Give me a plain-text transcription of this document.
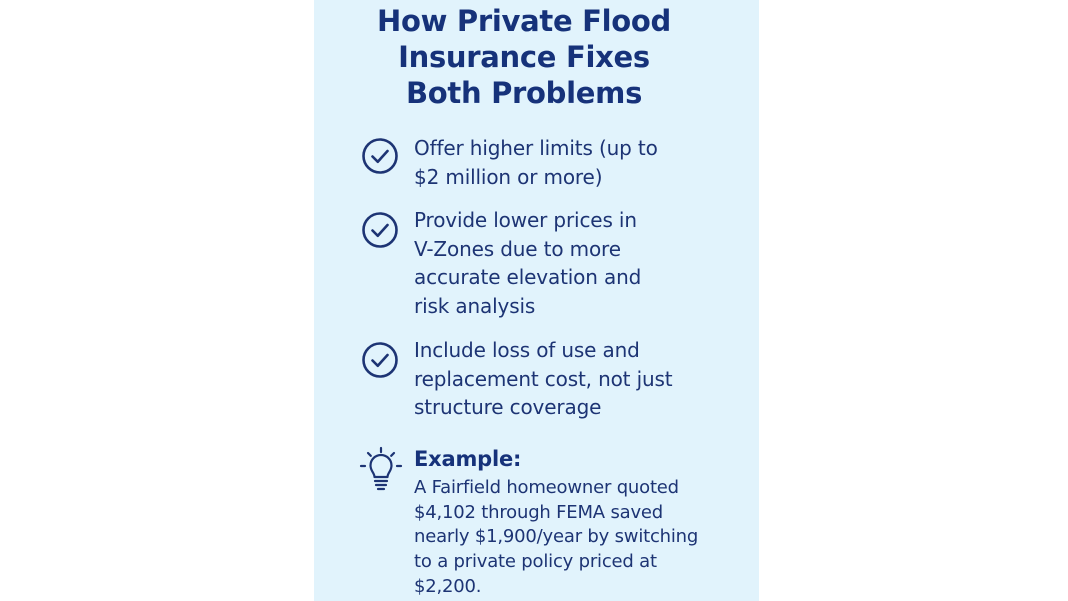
How Private Flood
Insurance Fixes
Both Problems
Offer higher limits (up to
$2 million or more)
Provide lower prices in
V-Zones due to more
accurate elevation and
risk analysis
Include loss of use and
replacement cost, not just
structure coverage
Example:
A Fairfield homeowner quoted
$4,102 through FEMA saved
nearly $1,900/year by switching
to a private policy priced at
$2,200.
